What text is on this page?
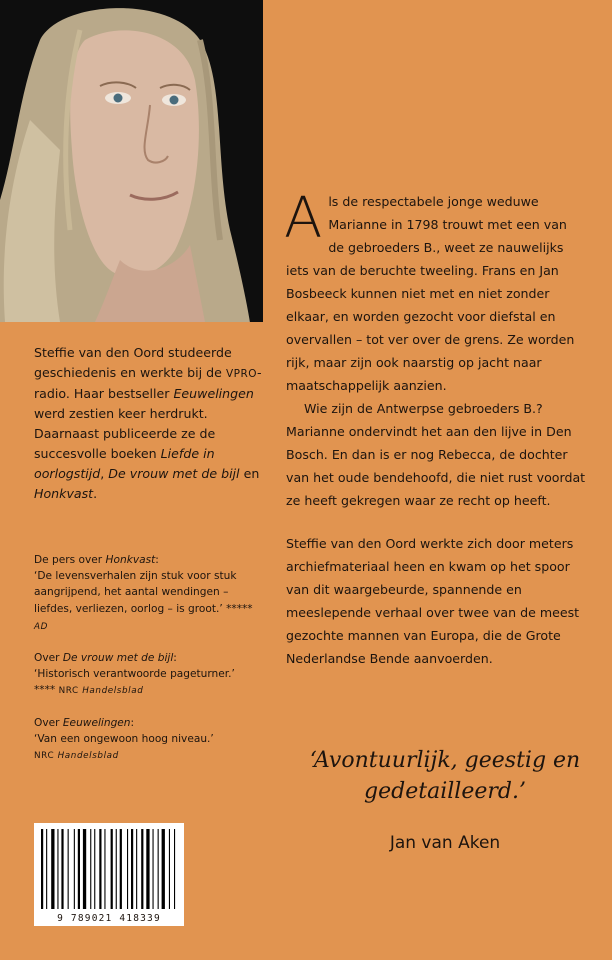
Steffie van den Oord studeerde geschiedenis en werkte bij de VPRO-radio. Haar bestseller Eeuwelingen werd zestien keer herdrukt. Daarnaast publiceerde ze de succesvolle boeken Liefde in oorlogstijd, De vrouw met de bijl en Honkvast.

De pers over Honkvast:
‘De levensverhalen zijn stuk voor stuk aangrijpend, het aantal wendingen – liefdes, verliezen, oorlog – is groot.’ ***** AD
Over De vrouw met de bijl:
‘Historisch verantwoorde pageturner.’
**** NRC Handelsblad
Over Eeuwelingen:
‘Van een ongewoon hoog niveau.’
NRC Handelsblad

Als de respectabele jonge weduwe Marianne in 1798 trouwt met een van de gebroeders B., weet ze nauwelijks iets van de beruchte tweeling. Frans en Jan Bosbeeck kunnen niet met en niet zonder elkaar, en worden gezocht voor diefstal en overvallen – tot ver over de grens. Ze worden rijk, maar zijn ook naarstig op jacht naar maatschappelijk aanzien.

Wie zijn de Antwerpse gebroeders B.? Marianne ondervindt het aan den lijve in Den Bosch. En dan is er nog Rebecca, de dochter van het oude bendehoofd, die niet rust voordat ze heeft gekregen waar ze recht op heeft.

Steffie van den Oord werkte zich door meters archiefmateriaal heen en kwam op het spoor van dit waargebeurde, spannende en meeslepende verhaal over twee van de meest gezochte mannen van Europa, die de Grote Nederlandse Bende aanvoerden.

‘Avontuurlijk, geestig en gedetailleerd.’
Jan van Aken
9 789021 418339
